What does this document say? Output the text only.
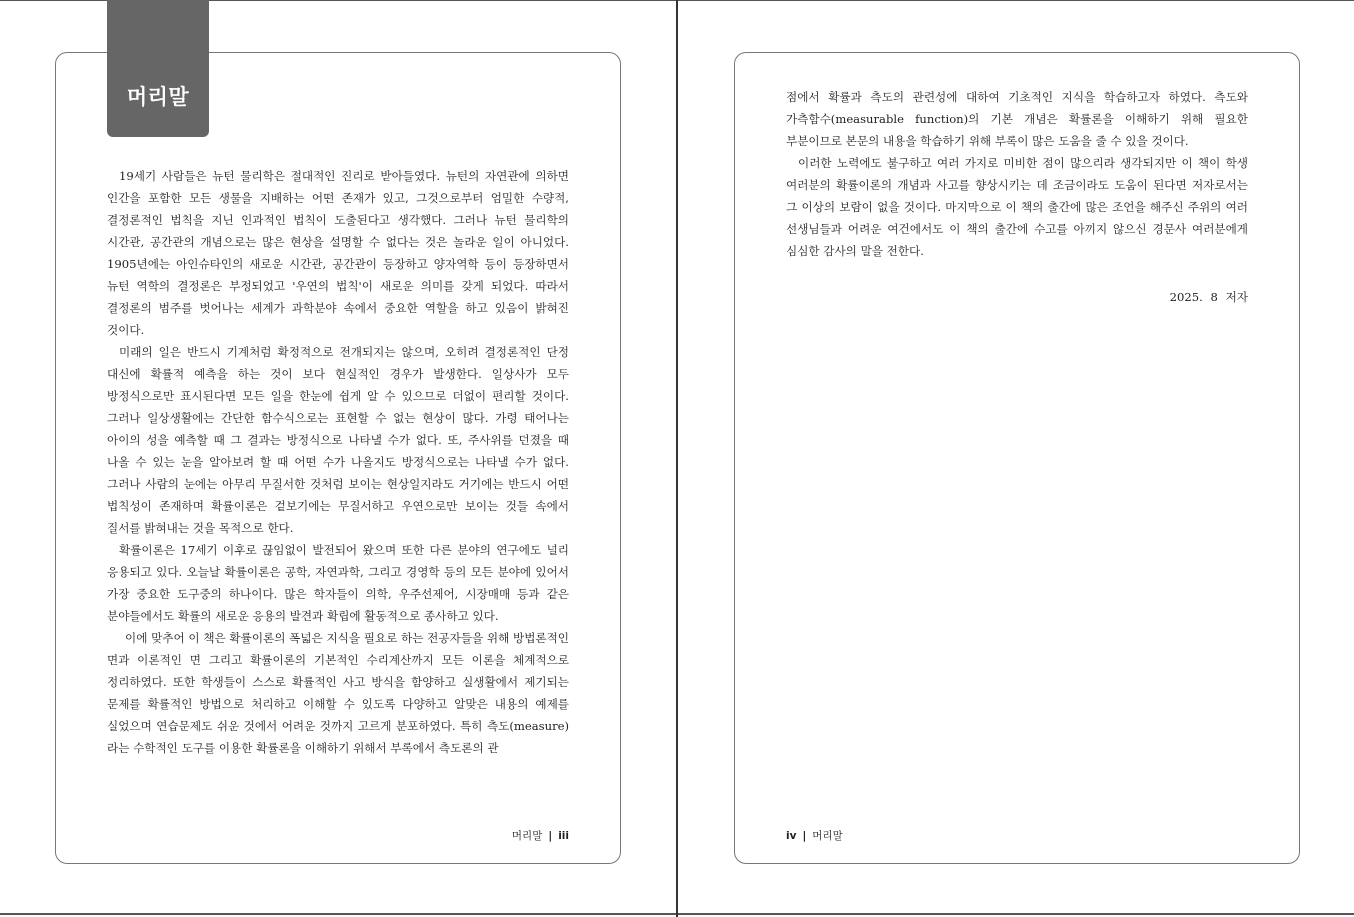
머리말

19세기 사람들은 뉴턴 물리학은 절대적인 진리로 받아들였다. 뉴턴의 자연관에 의하면 인간을 포함한 모든 생물을 지배하는 어떤 존재가 있고, 그것으로부터 엄밀한 수량적, 결정론적인 법칙을 지닌 인과적인 법칙이 도출된다고 생각했다. 그러나 뉴턴 물리학의 시간관, 공간관의 개념으로는 많은 현상을 설명할 수 없다는 것은 놀라운 일이 아니었다. 1905년에는 아인슈타인의 새로운 시간관, 공간관이 등장하고 양자역학 등이 등장하면서 뉴턴 역학의 결정론은 부정되었고 '우연의 법칙'이 새로운 의미를 갖게 되었다. 따라서 결정론의 범주를 벗어나는 세계가 과학분야 속에서 중요한 역할을 하고 있음이 밝혀진 것이다.

미래의 일은 반드시 기계처럼 확정적으로 전개되지는 않으며, 오히려 결정론적인 단정 대신에 확률적 예측을 하는 것이 보다 현실적인 경우가 발생한다. 일상사가 모두 방정식으로만 표시된다면 모든 일을 한눈에 쉽게 알 수 있으므로 더없이 편리할 것이다. 그러나 일상생활에는 간단한 함수식으로는 표현할 수 없는 현상이 많다. 가령 태어나는 아이의 성을 예측할 때 그 결과는 방정식으로 나타낼 수가 없다. 또, 주사위를 던졌을 때 나올 수 있는 눈을 알아보려 할 때 어떤 수가 나올지도 방정식으로는 나타낼 수가 없다. 그러나 사람의 눈에는 아무리 무질서한 것처럼 보이는 현상일지라도 거기에는 반드시 어떤 법칙성이 존재하며 확률이론은 겉보기에는 무질서하고 우연으로만 보이는 것들 속에서 질서를 밝혀내는 것을 목적으로 한다.

확률이론은 17세기 이후로 끊임없이 발전되어 왔으며 또한 다른 분야의 연구에도 널리 응용되고 있다. 오늘날 확률이론은 공학, 자연과학, 그리고 경영학 등의 모든 분야에 있어서 가장 중요한 도구중의 하나이다. 많은 학자들이 의학, 우주선제어, 시장매매 등과 같은 분야들에서도 확률의 새로운 응용의 발견과 확립에 활동적으로 종사하고 있다.

이에 맞추어 이 책은 확률이론의 폭넓은 지식을 필요로 하는 전공자들을 위해 방법론적인 면과 이론적인 면 그리고 확률이론의 기본적인 수리계산까지 모든 이론을 체계적으로 정리하였다. 또한 학생들이 스스로 확률적인 사고 방식을 함양하고 실생활에서 제기되는 문제를 확률적인 방법으로 처리하고 이해할 수 있도록 다양하고 알맞은 내용의 예제를 실었으며 연습문제도 쉬운 것에서 어려운 것까지 고르게 분포하였다. 특히 측도(measure)라는 수학적인 도구를 이용한 확률론을 이해하기 위해서 부록에서 측도론의 관

머리말 | iii

점에서 확률과 측도의 관련성에 대하여 기초적인 지식을 학습하고자 하였다. 측도와 가측함수(measurable function)의 기본 개념은 확률론을 이해하기 위해 필요한 부분이므로 본문의 내용을 학습하기 위해 부록이 많은 도움을 줄 수 있을 것이다.

이러한 노력에도 불구하고 여러 가지로 미비한 점이 많으리라 생각되지만 이 책이 학생 여러분의 확률이론의 개념과 사고를 향상시키는 데 조금이라도 도움이 된다면 저자로서는 그 이상의 보람이 없을 것이다. 마지막으로 이 책의 출간에 많은 조언을 해주신 주위의 여러 선생님들과 어려운 여건에서도 이 책의 출간에 수고를 아끼지 않으신 경문사 여러분에게 심심한 감사의 말을 전한다.

2025. 8 저자
iv | 머리말
